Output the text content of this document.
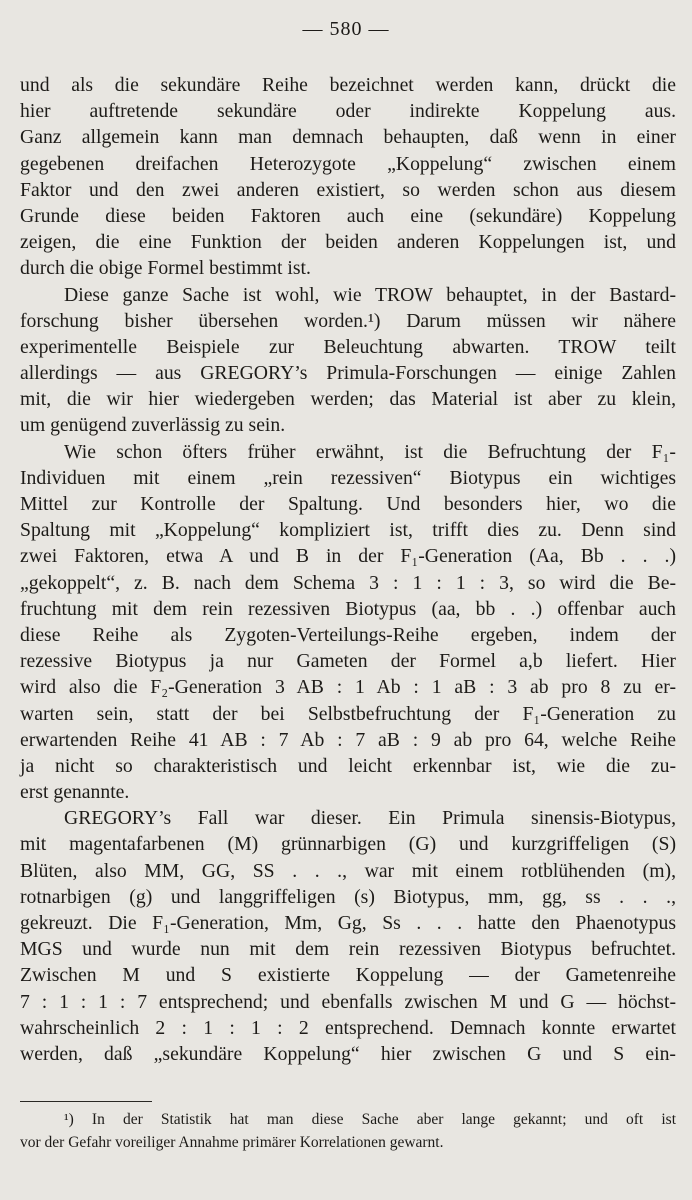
— 580 —
und als die sekundäre Reihe bezeichnet werden kann, drückt die
hier auftretende sekundäre oder indirekte Koppelung aus.
Ganz allgemein kann man demnach behaupten, daß wenn in einer
gegebenen dreifachen Heterozygote „Koppelung“ zwischen einem
Faktor und den zwei anderen existiert, so werden schon aus diesem
Grunde diese beiden Faktoren auch eine (sekundäre) Koppelung
zeigen, die eine Funktion der beiden anderen Koppelungen ist, und
durch die obige Formel bestimmt ist.
Diese ganze Sache ist wohl, wie TROW behauptet, in der Bastard-
forschung bisher übersehen worden.¹) Darum müssen wir nähere
experimentelle Beispiele zur Beleuchtung abwarten. TROW teilt
allerdings — aus GREGORY’s Primula-Forschungen — einige Zahlen
mit, die wir hier wiedergeben werden; das Material ist aber zu klein,
um genügend zuverlässig zu sein.
Wie schon öfters früher erwähnt, ist die Befruchtung der F₁-
Individuen mit einem „rein rezessiven“ Biotypus ein wichtiges
Mittel zur Kontrolle der Spaltung. Und besonders hier, wo die
Spaltung mit „Koppelung“ kompliziert ist, trifft dies zu. Denn sind
zwei Faktoren, etwa A und B in der F₁-Generation (Aa, Bb . . .)
„gekoppelt“, z. B. nach dem Schema 3 : 1 : 1 : 3, so wird die Be-
fruchtung mit dem rein rezessiven Biotypus (aa, bb . .) offenbar auch
diese Reihe als Zygoten-Verteilungs-Reihe ergeben, indem der
rezessive Biotypus ja nur Gameten der Formel a,b liefert. Hier
wird also die F₂-Generation 3 AB : 1 Ab : 1 aB : 3 ab pro 8 zu er-
warten sein, statt der bei Selbstbefruchtung der F₁-Generation zu
erwartenden Reihe 41 AB : 7 Ab : 7 aB : 9 ab pro 64, welche Reihe
ja nicht so charakteristisch und leicht erkennbar ist, wie die zu-
erst genannte.
GREGORY’s Fall war dieser. Ein Primula sinensis-Biotypus,
mit magentafarbenen (M) grünnarbigen (G) und kurzgriffeligen (S)
Blüten, also MM, GG, SS . . ., war mit einem rotblühenden (m),
rotnarbigen (g) und langgriffeligen (s) Biotypus, mm, gg, ss . . .,
gekreuzt. Die F₁-Generation, Mm, Gg, Ss . . . hatte den Phaenotypus
MGS und wurde nun mit dem rein rezessiven Biotypus befruchtet.
Zwischen M und S existierte Koppelung — der Gametenreihe
7 : 1 : 1 : 7 entsprechend; und ebenfalls zwischen M und G — höchst-
wahrscheinlich 2 : 1 : 1 : 2 entsprechend. Demnach konnte erwartet
werden, daß „sekundäre Koppelung“ hier zwischen G und S ein-
¹) In der Statistik hat man diese Sache aber lange gekannt; und oft ist
vor der Gefahr voreiliger Annahme primärer Korrelationen gewarnt.
